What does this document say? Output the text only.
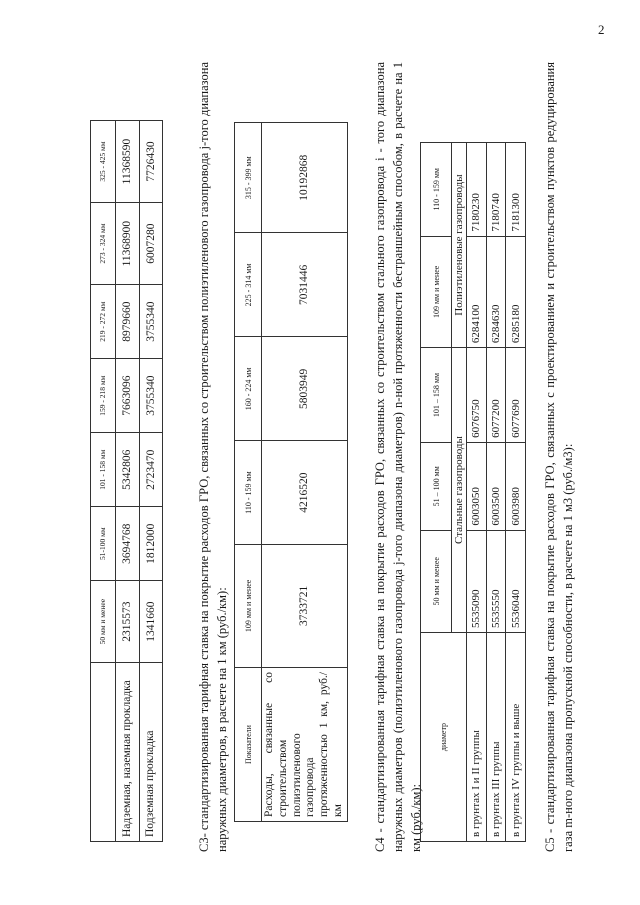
2
	50 мм и менее	51-100 мм	101 - 158 мм	159 - 218 мм	219 - 272 мм	273 - 324 мм	325 - 425 мм
Надземная, наземная прокладка	2315573	3694768	5342806	7663096	8979660	11368900	11368590
Подземная прокладка	1341660	1812000	2723470	3755340	3755340	6007280	7726430	С3- стандартизированная тарифная ставка на покрытие расходов ГРО, связанных со строительством полиэтиленового газопровода j-того диапазона наружных диаметров, в расчете на 1 км (руб./км): Показатели	109 мм и менее	110 - 159 мм	160 - 224 мм	225 - 314 мм	315 - 399 мм
Расходы, связанные со строительством полиэтиленового газопровода протяженностью 1 км, руб./км	3733721	4216520	5803949	7031446	10192868	С4 - стандартизированная тарифная ставка на покрытие расходов ГРО, связанных со строительством стального газопровода i - того диапазона наружных диаметров (полиэтиленового газопровода j-того диапазона диаметров) n-ной протяженности бестраншейным способом, в расчете на 1 км (руб./км):

диаметр	50 мм и менее	51 – 100 мм	101 – 158 мм	109 мм и менее	110 - 159 мм
	Стальные газопроводы			Полиэтиленовые газопроводы	
в грунтах I и II группы	5535090	6003050	6076750	6284100	7180230
в грунтах III группы	5535550	6003500	6077200	6284630	7180740
в грунтах IV группы и выше	5536040	6003980	6077690	6285180	7181300 С5 - стандартизированная тарифная ставка на покрытие расходов ГРО, связанных с проектированием и строительством пунктов редуцирования газа m-ного диапазона пропускной способности, в расчете на 1 м3 (руб./м3):
